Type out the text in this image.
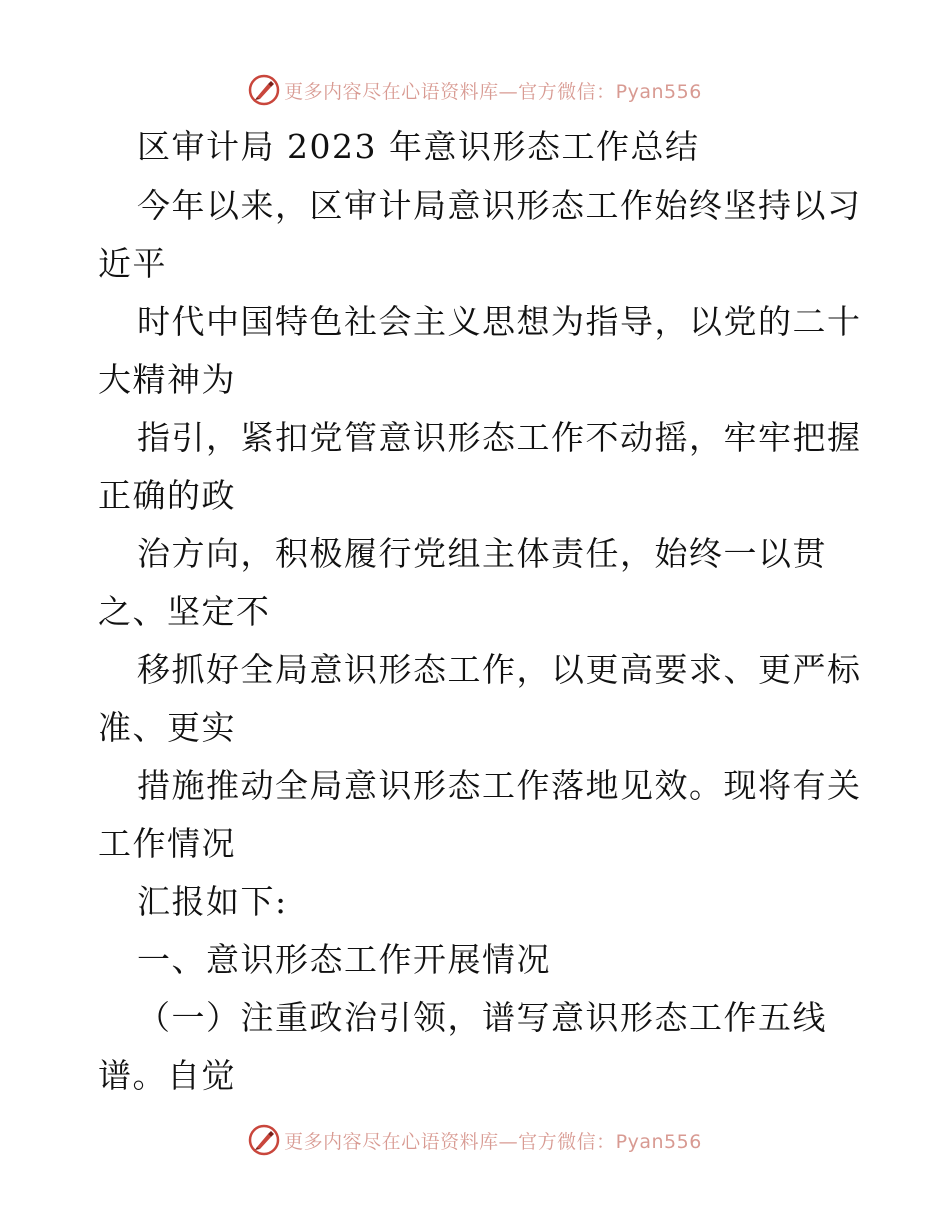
更多内容尽在心语资料库—官方微信：Pyan556
区审计局 2023 年意识形态工作总结
今年以来，区审计局意识形态工作始终坚持以习
近平
时代中国特色社会主义思想为指导，以党的二十
大精神为
指引，紧扣党管意识形态工作不动摇，牢牢把握
正确的政
治方向，积极履行党组主体责任，始终一以贯
之、坚定不
移抓好全局意识形态工作，以更高要求、更严标
准、更实
措施推动全局意识形态工作落地见效。现将有关
工作情况
汇报如下:
一、意识形态工作开展情况
（一）注重政治引领，谱写意识形态工作五线
谱。自觉
更多内容尽在心语资料库—官方微信：Pyan556
